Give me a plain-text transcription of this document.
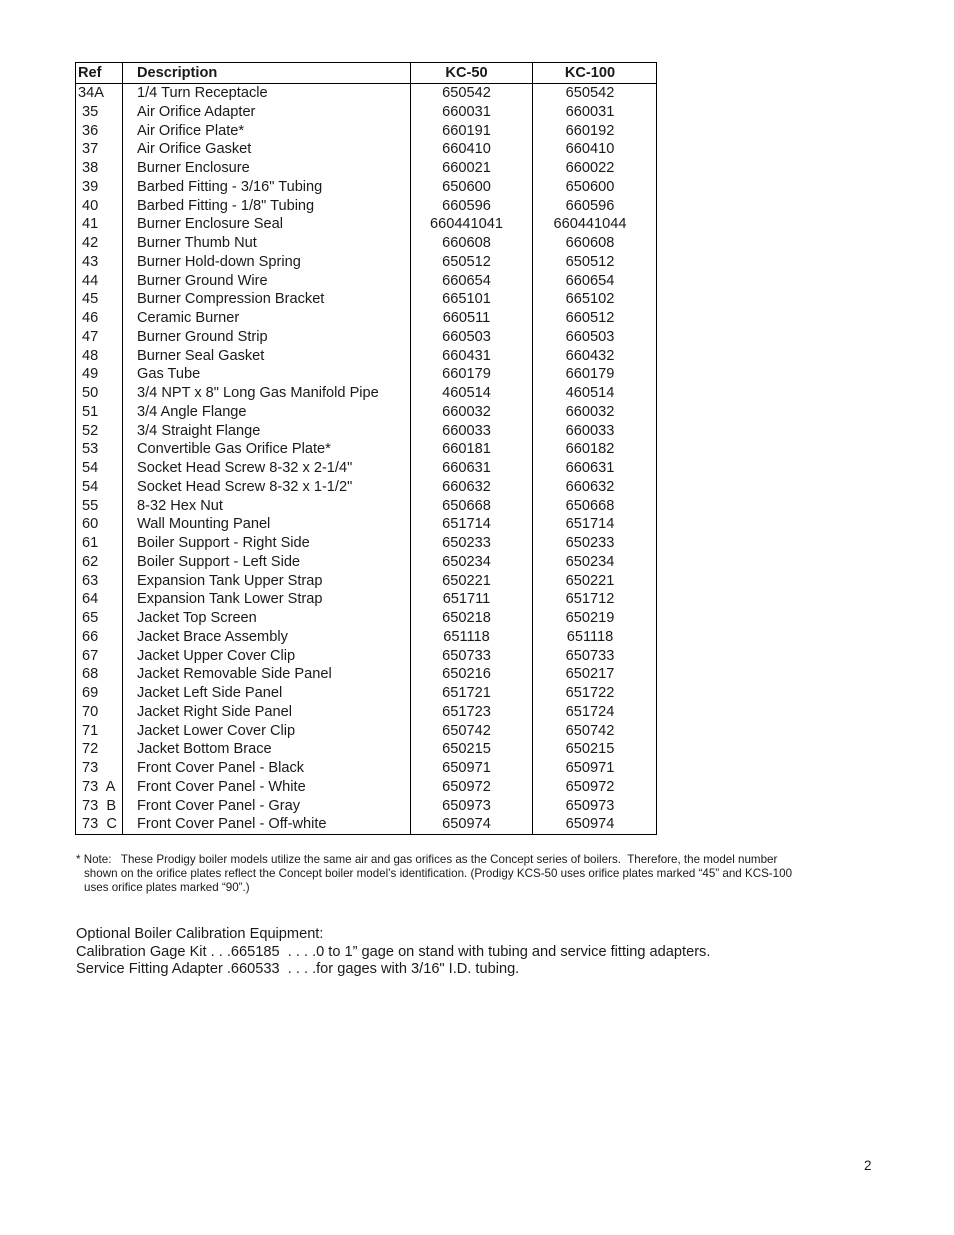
Ref	Description	KC-50	KC-100
34A	1/4 Turn Receptacle	650542	650542
35	Air Orifice Adapter	660031	660031
36	Air Orifice Plate*	660191	660192
37	Air Orifice Gasket	660410	660410
38	Burner Enclosure	660021	660022
39	Barbed Fitting - 3/16" Tubing	650600	650600
40	Barbed Fitting - 1/8" Tubing	660596	660596
41	Burner Enclosure Seal	660441041	660441044
42	Burner Thumb Nut	660608	660608
43	Burner Hold-down Spring	650512	650512
44	Burner Ground Wire	660654	660654
45	Burner Compression Bracket	665101	665102
46	Ceramic Burner	660511	660512
47	Burner Ground Strip	660503	660503
48	Burner Seal Gasket	660431	660432
49	Gas Tube	660179	660179
50	3/4 NPT x 8" Long Gas Manifold Pipe	460514	460514
51	3/4 Angle Flange	660032	660032
52	3/4 Straight Flange	660033	660033
53	Convertible Gas Orifice Plate*	660181	660182
54	Socket Head Screw 8-32 x 2-1/4"	660631	660631
54	Socket Head Screw 8-32 x 1-1/2"	660632	660632
55	8-32 Hex Nut	650668	650668
60	Wall Mounting Panel	651714	651714
61	Boiler Support - Right Side	650233	650233
62	Boiler Support - Left Side	650234	650234
63	Expansion Tank Upper Strap	650221	650221
64	Expansion Tank Lower Strap	651711	651712
65	Jacket Top Screen	650218	650219
66	Jacket Brace Assembly	651118	651118
67	Jacket Upper Cover Clip	650733	650733
68	Jacket Removable Side Panel	650216	650217
69	Jacket Left Side Panel	651721	651722
70	Jacket Right Side Panel	651723	651724
71	Jacket Lower Cover Clip	650742	650742
72	Jacket Bottom Brace	650215	650215
73	Front Cover Panel - Black	650971	650971
73  A	Front Cover Panel - White	650972	650972
73  B	Front Cover Panel - Gray	650973	650973
73  C	Front Cover Panel - Off-white	650974	650974

* Note:   These Prodigy boiler models utilize the same air and gas orifices as the Concept series of boilers.  Therefore, the model number

shown on the orifice plates reflect the Concept boiler model’s identification. (Prodigy KCS-50 uses orifice plates marked “45” and KCS-100

uses orifice plates marked “90”.)

Optional Boiler Calibration Equipment:
Calibration Gage Kit . . .665185  . . . .0 to 1” gage on stand with tubing and service fitting adapters.
Service Fitting Adapter .660533  . . . .for gages with 3/16" I.D. tubing.
2
